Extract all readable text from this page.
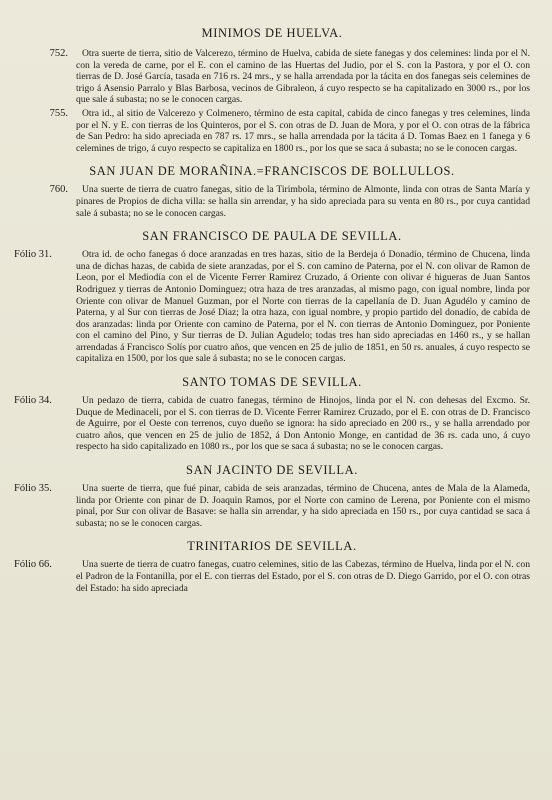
MINIMOS DE HUELVA.
752.	Otra suerte de tierra, sitio de Valcerezo, término de Huelva, cabida de siete fanegas y dos celemines: linda por el N. con la vereda de carne, por el E. con el camino de las Huertas del Judio, por el S. con la Pastora, y por el O. con tierras de D. José García, tasada en 716 rs. 24 mrs., y se halla arrendada por la tácita en dos fanegas seis celemines de trigo á Asensio Parralo y Blas Barbosa, vecinos de Gibraleon, á cuyo respecto se ha capitalizado en 3000 rs., por los que sale á subasta; no se le conocen cargas.
755.	Otra id., al sitio de Valcerezo y Colmenero, término de esta capital, cabida de cinco fanegas y tres celemines, linda por el N. y E. con tierras de los Quinteros, por el S. con otras de D. Juan de Mora, y por el O. con otras de la fábrica de San Pedro: ha sido apreciada en 787 rs. 17 mrs., se halla arrendada por la tácita á D. Tomas Baez en 1 fanega y 6 celemines de trigo, á cuyo respecto se capitaliza en 1800 rs., por los que se saca á subasta; no se le conocen cargas.
SAN JUAN DE MORAÑINA.=FRANCISCOS DE BOLLULLOS.
760.	Una suerte de tierra de cuatro fanegas, sitio de la Tirimbola, término de Almonte, linda con otras de Santa María y pinares de Propios de dicha villa: se halla sin arrendar, y ha sido apreciada para su venta en 80 rs., por cuya cantidad sale á subasta; no se le conocen cargas.
SAN FRANCISCO DE PAULA DE SEVILLA.
Fólio 31.	Otra id. de ocho fanegas ó doce aranzadas en tres hazas, sitio de la Berdeja ó Donadío, término de Chucena, linda una de dichas hazas, de cabida de siete aranzadas, por el S. con camino de Paterna, por el N. con olivar de Ramon de Leon, por el Mediodía con el de Vicente Ferrer Ramirez Cruzado, á Oriente con olivar é higueras de Juan Santos Rodriguez y tierras de Antonio Dominguez; otra haza de tres aranzadas, al mismo pago, con igual nombre, linda por Oriente con olivar de Manuel Guzman, por el Norte con tierras de la capellanía de D. Juan Agudélo y camino de Paterna, y al Sur con tierras de José Diaz; la otra haza, con igual nombre, y propio partido del donadío, de cabida de dos aranzadas: linda por Oriente con camino de Paterna, por el N. con tierras de Antonio Dominguez, por Poniente con el camino del Pino, y Sur tierras de D. Julian Agudelo; todas tres han sido apreciadas en 1460 rs., y se hallan arrendadas á Francisco Solís por cuatro años, que vencen en 25 de julio de 1851, en 50 rs. anuales, á cuyo respecto se capitaliza en 1500, por los que sale á subasta; no se le conocen cargas.
SANTO TOMAS DE SEVILLA.
Fólio 34.	Un pedazo de tierra, cabida de cuatro fanegas, término de Hinojos, linda por el N. con dehesas del Excmo. Sr. Duque de Medinaceli, por el S. con tierras de D. Vicente Ferrer Ramirez Cruzado, por el E. con otras de D. Francisco de Aguirre, por el Oeste con terrenos, cuyo dueño se ignora: ha sido apreciado en 200 rs., y se halla arrendado por cuatro años, que vencen en 25 de julio de 1852, á Don Antonio Monge, en cantidad de 36 rs. cada uno, á cuyo respecto ha sido capitalizado en 1080 rs., por los que se saca á subasta; no se le conocen cargas.
SAN JACINTO DE SEVILLA.
Fólio 35.	Una suerte de tierra, que fué pinar, cabida de seis aranzadas, término de Chucena, antes de Mala de la Alameda, linda por Oriente con pinar de D. Joaquin Ramos, por el Norte con camino de Lerena, por Poniente con el mismo pinal, por Sur con olivar de Basave: se halla sin arrendar, y ha sido apreciada en 150 rs., por cuya cantidad se saca á subasta; no se le conocen cargas.
TRINITARIOS DE SEVILLA.
Fólio 66.	Una suerte de tierra de cuatro fanegas, cuatro celemines, sitio de las Cabezas, término de Huelva, linda por el N. con el Padron de la Fontanilla, por el E. con tierras del Estado, por el S. con otras de D. Diego Garrido, por el O. con otras del Estado: ha sido apreciada
